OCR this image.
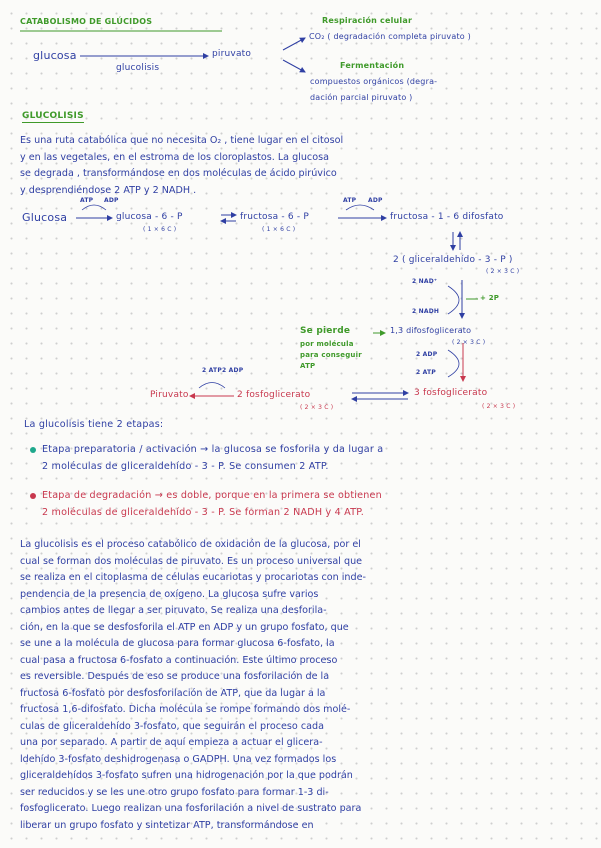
CATABOLISMO DE GLÚCIDOS
glucosa
glucolisis
piruvato
Respiración celular
CO₂ ( degradación completa piruvato )
Fermentación
compuestos orgánicos (degra-
dación parcial piruvato )
GLUCOLISIS
Es una ruta catabólica que no necesita O₂ , tiene lugar en el citosol
y en las vegetales, en el estroma de los cloroplastos. La glucosa
se degrada , transformándose en dos moléculas de ácido pirúvico
y desprendiéndose 2 ATP y 2 NADH .
Glucosa
ATP ADP
glucosa - 6 - P
( 1 × 6 C )
fructosa - 6 - P
( 1 × 6 C )
ATP ADP
fructosa - 1 - 6 difosfato
2 ( gliceraldehído - 3 - P )
( 2 × 3 C )
2 NAD⁺
2 NADH
+ 2P
Se pierde
por molécula
para conseguir
ATP
1,3 difosfoglicerato
( 2 × 3 C )
2 ADP
2 ATP
3 fosfoglicerato
( 2 × 3 C )
2 fosfoglicerato
( 2 × 3 C )
2 ATP 2 ADP
Piruvato
La glucolisis tiene 2 etapas:
Etapa preparatoria / activación → la glucosa se fosforila y da lugar a
2 moléculas de gliceraldehído - 3 - P. Se consumen 2 ATP.
Etapa de degradación → es doble, porque en la primera se obtienen
2 moléculas de gliceraldehído - 3 - P. Se forman 2 NADH y 4 ATP.
La glucolisis es el proceso catabólico de oxidación de la glucosa, por el
cual se forman dos moléculas de piruvato. Es un proceso universal que
se realiza en el citoplasma de células eucariotas y procariotas con inde-
pendencia de la presencia de oxígeno. La glucosa sufre varios
cambios antes de llegar a ser piruvato. Se realiza una desforila-
ción, en la que se desfosforila el ATP en ADP y un grupo fosfato, que
se une a la molécula de glucosa para formar glucosa 6-fosfato, la
cual pasa a fructosa 6-fosfato a continuación. Este último proceso
es reversible. Después de eso se produce una fosforilación de la
fructosa 6-fosfato por desfosforilación de ATP, que da lugar a la
fructosa 1,6-difosfato. Dicha molécula se rompe formando dos molé-
culas de gliceraldehído 3-fosfato, que seguirán el proceso cada
una por separado. A partir de aquí empieza a actuar el glicera-
ldehído 3-fosfato deshidrogenasa o GADPH. Una vez formados los
gliceraldehídos 3-fosfato sufren una hidrogenación por la que podrán
ser reducidos y se les une otro grupo fosfato para formar 1-3 di-
fosfoglicerato. Luego realizan una fosforilación a nivel de sustrato para
liberar un grupo fosfato y sintetizar ATP, transformándose en
